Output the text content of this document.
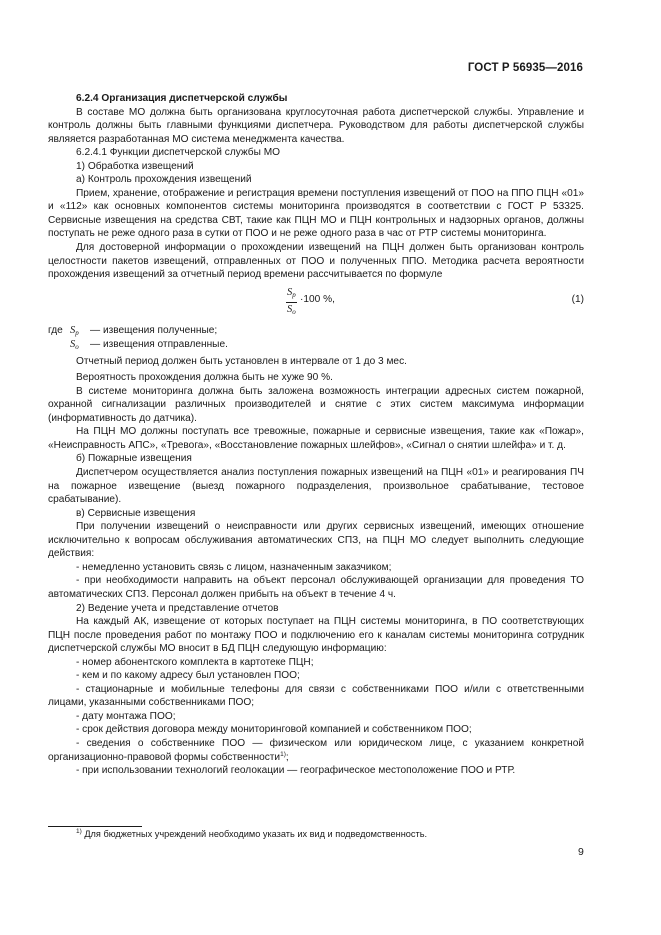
ГОСТ Р 56935—2016

6.2.4 Организация диспетчерской службы

В составе МО должна быть организована круглосуточная работа диспетчерской службы. Управление и контроль должны быть главными функциями диспетчера. Руководством для работы диспетчерской службы являяется разработанная МО система менеджмента качества.

6.2.4.1 Функции диспетчерской службы МО

1) Обработка извещений

а) Контроль прохождения извещений

Прием, хранение, отображение и регистрация времени поступления извещений от ПОО на ППО ПЦН «01» и «112» как основных компонентов системы мониторинга производятся в соответствии с ГОСТ Р 53325. Сервисные извещения на средства СВТ, такие как ПЦН МО и ПЦН контрольных и надзорных органов, должны поступать не реже одного раза в сутки от ПОО и не реже одного раза в час от РТР системы мониторинга.

Для достоверной информации о прохождении извещений на ПЦН должен быть организован контроль целостности пакетов извещений, отправленных от ПОО и полученных ППО. Методика расчета вероятности прохождения извещений за отчетный период времени рассчитывается по формуле

$S_р$
$S_о$
·100 %,	(1)
где $S_р$ — извещения полученные;
$S_о$ — извещения отправленные.

Отчетный период должен быть установлен в интервале от 1 до 3 мес.

Вероятность прохождения должна быть не хуже 90 %.

В системе мониторинга должна быть заложена возможность интеграции адресных систем пожарной, охранной сигнализации различных производителей и снятие с этих систем максимума информации (информативность до датчика).

На ПЦН МО должны поступать все тревожные, пожарные и сервисные извещения, такие как «Пожар», «Неисправность АПС», «Тревога», «Восстановление пожарных шлейфов», «Сигнал о снятии шлейфа» и т. д.

б) Пожарные извещения

Диспетчером осуществляется анализ поступления пожарных извещений на ПЦН «01» и реагирования ПЧ на пожарное извещение (выезд пожарного подразделения, произвольное срабатывание, тестовое срабатывание).

в) Сервисные извещения

При получении извещений о неисправности или других сервисных извещений, имеющих отношение исключительно к вопросам обслуживания автоматических СПЗ, на ПЦН МО следует выполнить следующие действия:

- немедленно установить связь с лицом, назначенным заказчиком;

- при необходимости направить на объект персонал обслуживающей организации для проведения ТО автоматических СПЗ. Персонал должен прибыть на объект в течение 4 ч.

2) Ведение учета и представление отчетов

На каждый АК, извещение от которых поступает на ПЦН системы мониторинга, в ПО соответствующих ПЦН после проведения работ по монтажу ПОО и подключению его к каналам системы мониторинга сотрудник диспетчерской службы МО вносит в БД ПЦН следующую информацию:

- номер абонентского комплекта в картотеке ПЦН;

- кем и по какому адресу был установлен ПОО;

- стационарные и мобильные телефоны для связи с собственниками ПОО и/или с ответственными лицами, указанными собственниками ПОО;

- дату монтажа ПОО;

- срок действия договора между мониторинговой компанией и собственником ПОО;

- сведения о собственнике ПОО — физическом или юридическом лице, с указанием конкретной организационно-правовой формы собственности$^{1)}$;

- при использовании технологий геолокации — географическое местоположение ПОО и РТР.

$^{1)}$ Для бюджетных учреждений необходимо указать их вид и подведомственность.
9
